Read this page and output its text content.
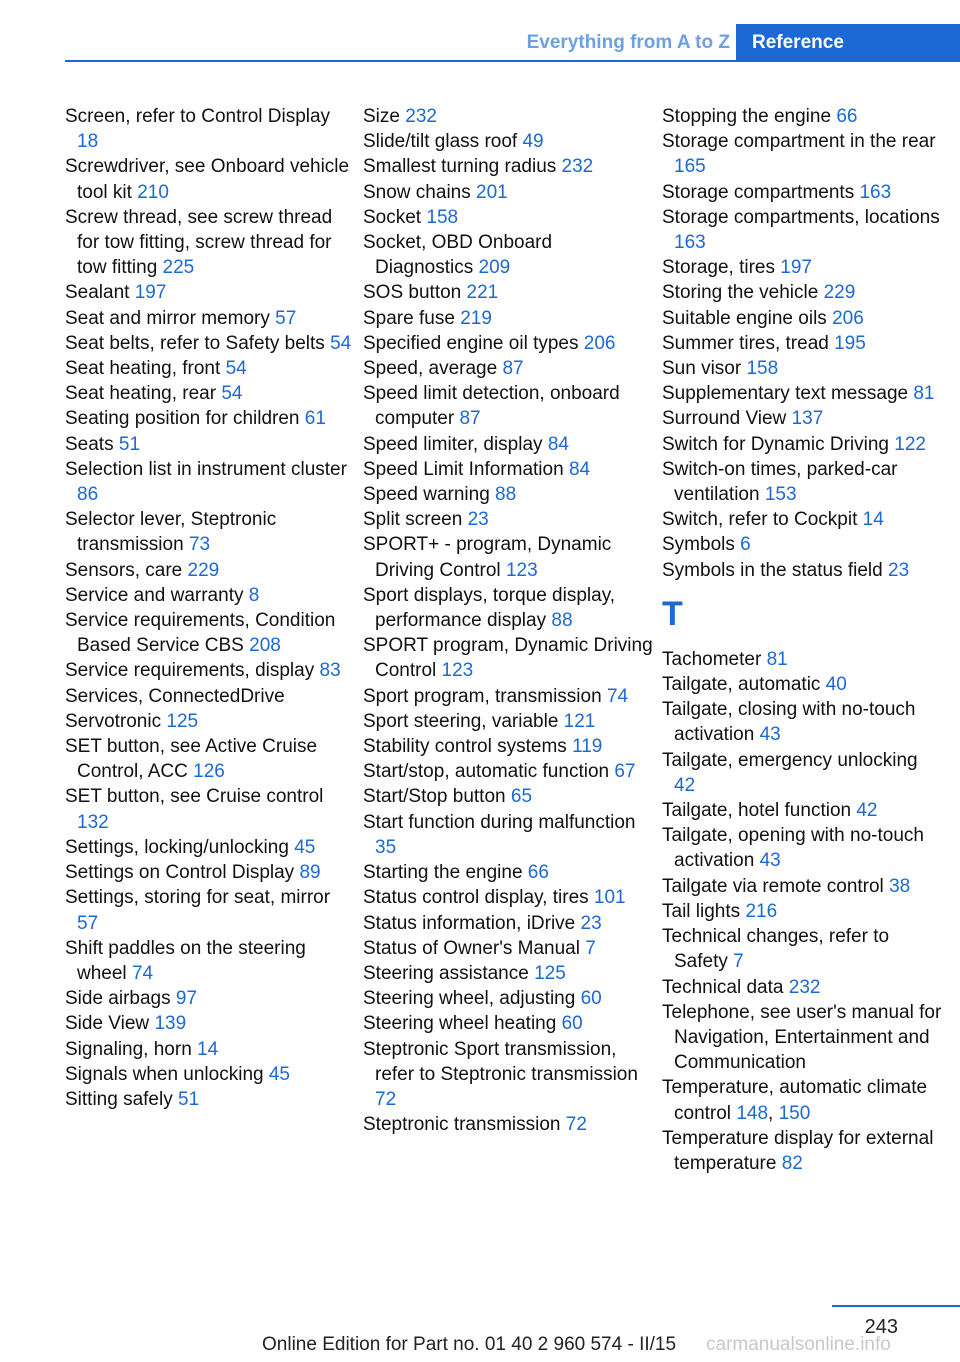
Everything from A to Z	Reference
Screen, refer to Control Display 18
Screwdriver, see Onboard vehicle tool kit 210
Screw thread, see screw thread for tow fitting, screw thread for tow fitting 225
Sealant 197
Seat and mirror memory 57
Seat belts, refer to Safety belts 54
Seat heating, front 54
Seat heating, rear 54
Seating position for children 61
Seats 51
Selection list in instrument cluster 86
Selector lever, Steptronic transmission 73
Sensors, care 229
Service and warranty 8
Service requirements, Condition Based Service CBS 208
Service requirements, display 83
Services, ConnectedDrive
Servotronic 125
SET button, see Active Cruise Control, ACC 126
SET button, see Cruise control 132
Settings, locking/unlocking 45
Settings on Control Display 89
Settings, storing for seat, mirror 57
Shift paddles on the steering wheel 74
Side airbags 97
Side View 139
Signaling, horn 14
Signals when unlocking 45
Sitting safely 51
Size 232
Slide/tilt glass roof 49
Smallest turning radius 232
Snow chains 201
Socket 158
Socket, OBD Onboard Diagnostics 209
SOS button 221
Spare fuse 219
Specified engine oil types 206
Speed, average 87
Speed limit detection, onboard computer 87
Speed limiter, display 84
Speed Limit Information 84
Speed warning 88
Split screen 23
SPORT+ - program, Dynamic Driving Control 123
Sport displays, torque display, performance display 88
SPORT program, Dynamic Driving Control 123
Sport program, transmission 74
Sport steering, variable 121
Stability control systems 119
Start/stop, automatic function 67
Start/Stop button 65
Start function during malfunction 35
Starting the engine 66
Status control display, tires 101
Status information, iDrive 23
Status of Owner's Manual 7
Steering assistance 125
Steering wheel, adjusting 60
Steering wheel heating 60
Steptronic Sport transmission, refer to Steptronic transmission 72
Steptronic transmission 72
Stopping the engine 66
Storage compartment in the rear 165
Storage compartments 163
Storage compartments, locations 163
Storage, tires 197
Storing the vehicle 229
Suitable engine oils 206
Summer tires, tread 195
Sun visor 158
Supplementary text message 81
Surround View 137
Switch for Dynamic Driving 122
Switch-on times, parked-car ventilation 153
Switch, refer to Cockpit 14
Symbols 6
Symbols in the status field 23
T
Tachometer 81
Tailgate, automatic 40
Tailgate, closing with no-touch activation 43
Tailgate, emergency unlocking 42
Tailgate, hotel function 42
Tailgate, opening with no-touch activation 43
Tailgate via remote control 38
Tail lights 216
Technical changes, refer to Safety 7
Technical data 232
Telephone, see user's manual for Navigation, Entertainment and Communication
Temperature, automatic climate control 148, 150
Temperature display for external temperature 82
243
Online Edition for Part no. 01 40 2 960 574 - II/15 carmanualsonline.info
